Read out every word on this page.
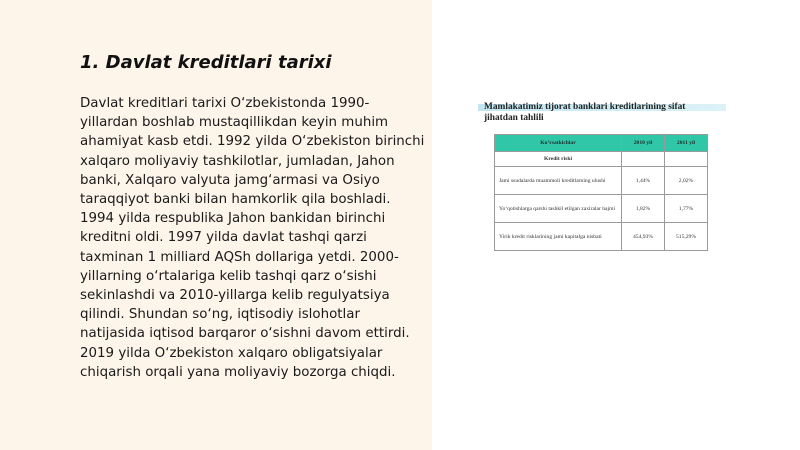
1. Davlat kreditlari tarixi

Davlat kreditlari tarixi O‘zbekistonda 1990-yillardan boshlab mustaqillikdan keyin muhim ahamiyat kasb etdi. 1992 yilda O‘zbekiston birinchi xalqaro moliyaviy tashkilotlar, jumladan, Jahon banki, Xalqaro valyuta jamg‘armasi va Osiyo taraqqiyot banki bilan hamkorlik qila boshladi. 1994 yilda respublika Jahon bankidan birinchi kreditni oldi. 1997 yilda davlat tashqi qarzi taxminan 1 milliard AQSh dollariga yetdi. 2000-yillarning o‘rtalariga kelib tashqi qarz o‘sishi sekinlashdi va 2010-yillarga kelib regulyatsiya qilindi. Shundan so‘ng, iqtisodiy islohotlar natijasida iqtisod barqaror o‘sishni davom ettirdi. 2019 yilda O‘zbekiston xalqaro obligatsiyalar chiqarish orqali yana moliyaviy bozorga chiqdi.

Mamlakatimiz tijorat banklari kreditlarining sifat jihatdan tahlili

Ko‘rsatkichlar	2010 yil	2011 yil
Kredit riski		
Jami ssudalarda muammoli kreditlarning ulushi	1,44%	2,02%
Yo‘qotishlarga qarshi tashkil etilgan zaxiralar hajmi	1,82%	1,77%
Yirik kredit risklarining jami kapitalga nisbati	454,93%	515,29%
